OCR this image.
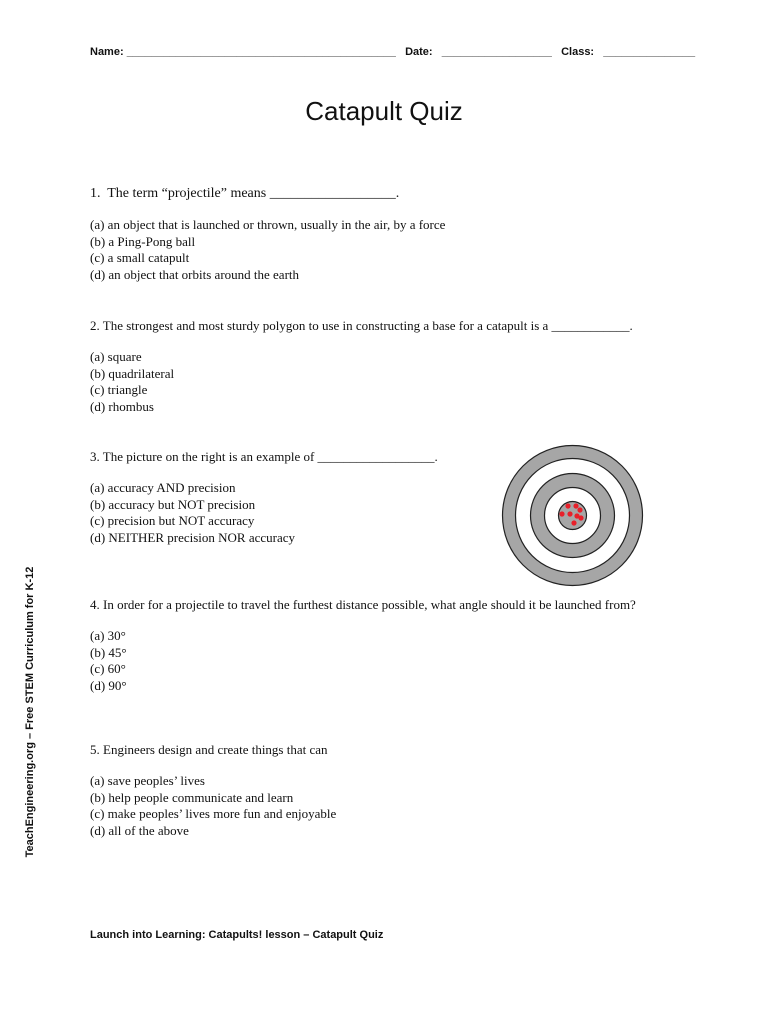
Name: ____________________________________________ Date: __________________ Class: _______________
Catapult Quiz
1.  The term “projectile” means __________________.
(a) an object that is launched or thrown, usually in the air, by a force
(b) a Ping-Pong ball
(c) a small catapult
(d) an object that orbits around the earth
2. The strongest and most sturdy polygon to use in constructing a base for a catapult is a ____________.
(a) square
(b) quadrilateral
(c) triangle
(d) rhombus
3. The picture on the right is an example of __________________.
(a) accuracy AND precision
(b) accuracy but NOT precision
(c) precision but NOT accuracy
(d) NEITHER precision NOR accuracy
4. In order for a projectile to travel the furthest distance possible, what angle should it be launched from?
(a) 30°
(b) 45°
(c) 60°
(d) 90°
5. Engineers design and create things that can
(a) save peoples’ lives
(b) help people communicate and learn
(c) make peoples’ lives more fun and enjoyable
(d) all of the above
TeachEngineering.org – Free STEM Curriculum for K-12
Launch into Learning: Catapults! lesson – Catapult Quiz
